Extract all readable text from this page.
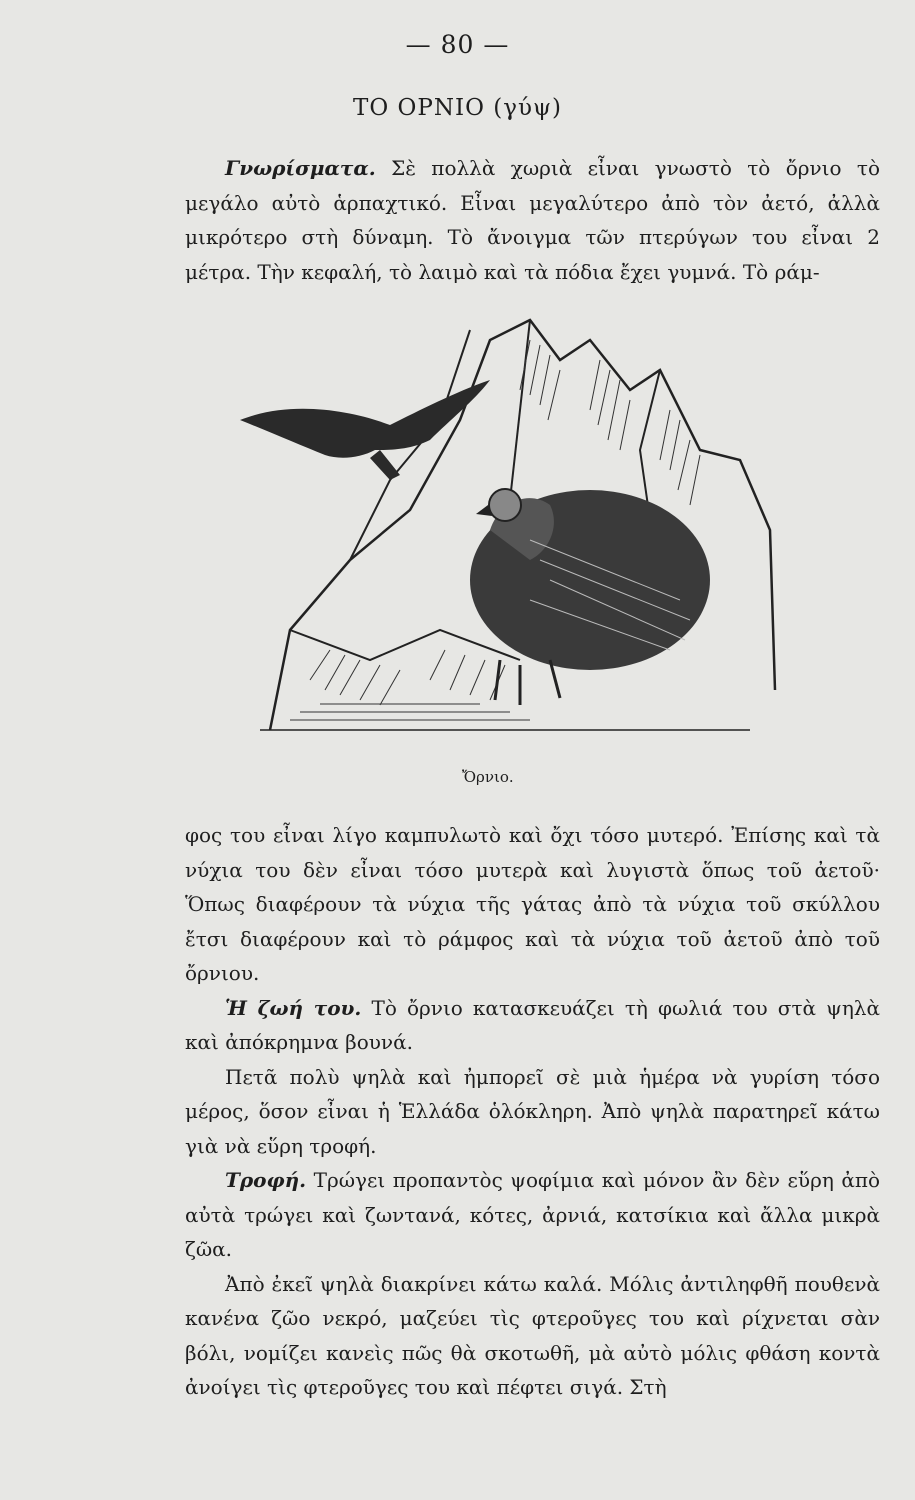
— 80 —
ΤΟ ΟΡΝΙΟ (γύψ)

Γνωρίσματα. Σὲ πολλὰ χωριὰ εἶναι γνωστὸ τὸ ὄρνιο τὸ μεγάλο αὐτὸ ἁρπαχτικό. Εἶναι μεγαλύτερο ἀπὸ τὸν ἀετό, ἀλλὰ μικρότερο στὴ δύναμη. Τὸ ἄνοιγμα τῶν πτερύγων του εἶναι 2 μέτρα. Τὴν κεφαλή, τὸ λαιμὸ καὶ τὰ πόδια ἔχει γυμνά. Τὸ ράμ-

Ὄρνιο.

φος του εἶναι λίγο καμπυλωτὸ καὶ ὄχι τόσο μυτερό. Ἐπίσης καὶ τὰ νύχια του δὲν εἶναι τόσο μυτερὰ καὶ λυγιστὰ ὅπως τοῦ ἀετοῦ· Ὅπως διαφέρουν τὰ νύχια τῆς γάτας ἀπὸ τὰ νύχια τοῦ σκύλλου ἔτσι διαφέρουν καὶ τὸ ράμφος καὶ τὰ νύχια τοῦ ἀετοῦ ἀπὸ τοῦ ὄρνιου.

Ἡ ζωή του. Τὸ ὄρνιο κατασκευάζει τὴ φωλιά του στὰ ψηλὰ καὶ ἀπόκρημνα βουνά.

Πετᾶ πολὺ ψηλὰ καὶ ἠμπορεῖ σὲ μιὰ ἡμέρα νὰ γυρίση τόσο μέρος, ὅσον εἶναι ἡ Ἑλλάδα ὁλόκληρη. Ἀπὸ ψηλὰ παρατηρεῖ κάτω γιὰ νὰ εὕρη τροφή.

Τροφή. Τρώγει προπαντὸς ψοφίμια καὶ μόνον ἂν δὲν εὕρη ἀπὸ αὐτὰ τρώγει καὶ ζωντανά, κότες, ἀρνιά, κατσίκια καὶ ἄλλα μικρὰ ζῶα.

Ἀπὸ ἐκεῖ ψηλὰ διακρίνει κάτω καλά. Μόλις ἀντιληφθῆ πουθενὰ κανένα ζῶο νεκρό, μαζεύει τὶς φτεροῦγες του καὶ ρίχνεται σὰν βόλι, νομίζει κανεὶς πῶς θὰ σκοτωθῆ, μὰ αὐτὸ μόλις φθάση κοντὰ ἀνοίγει τὶς φτεροῦγες του καὶ πέφτει σιγά. Στὴ
